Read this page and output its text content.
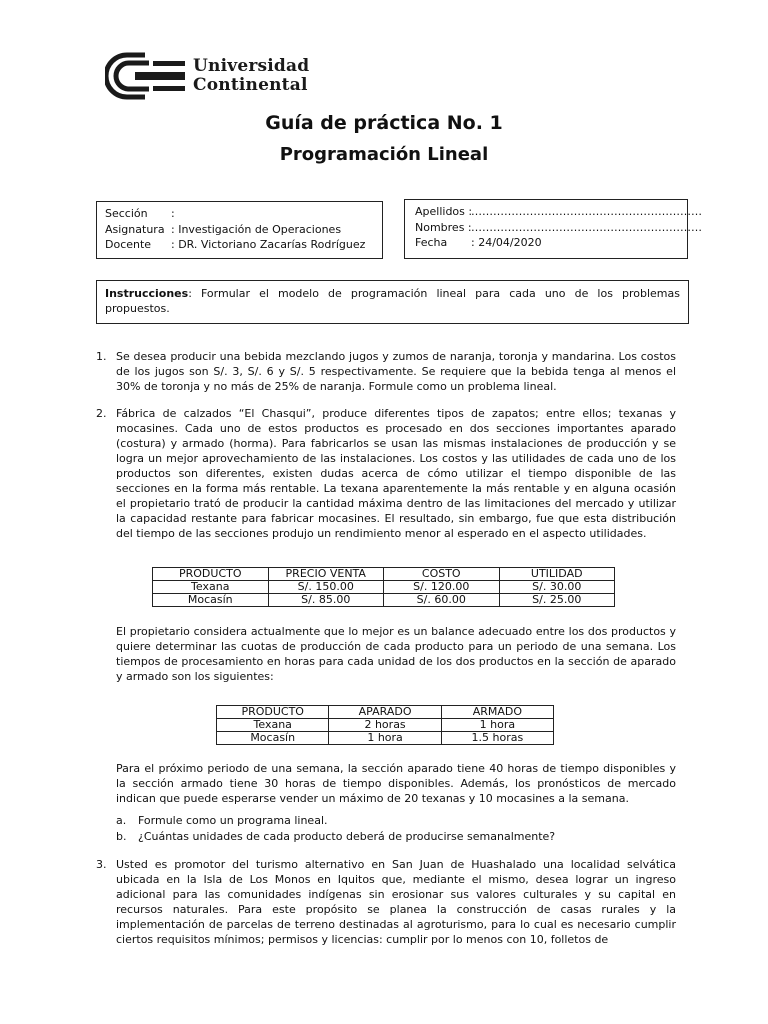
Universidad
Continental
Guía de práctica No. 1
Programación Lineal
Sección	:
Asignatura : Investigación de Operaciones
Docente	: DR. Victoriano Zacarías Rodríguez
Apellidos :
………………………………………………………
Nombres : ………………………………………………………
Fecha	: 24/04/2020
Instrucciones: Formular el modelo de programación lineal para cada uno de los problemas propuestos.
1. Se desea producir una bebida mezclando jugos y zumos de naranja, toronja y mandarina. Los costos de los jugos son S/. 3, S/. 6 y S/. 5 respectivamente. Se requiere que la bebida tenga al menos el 30% de toronja y no más de 25% de naranja. Formule como un problema lineal.
2. Fábrica de calzados “El Chasqui”, produce diferentes tipos de zapatos; entre ellos; texanas y mocasines. Cada uno de estos productos es procesado en dos secciones importantes aparado (costura) y armado (horma). Para fabricarlos se usan las mismas instalaciones de producción y se logra un mejor aprovechamiento de las instalaciones. Los costos y las utilidades de cada uno de los productos son diferentes, existen dudas acerca de cómo utilizar el tiempo disponible de las secciones en la forma más rentable. La texana aparentemente la más rentable y en alguna ocasión el propietario trató de producir la cantidad máxima dentro de las limitaciones del mercado y utilizar la capacidad restante para fabricar mocasines. El resultado, sin embargo, fue que esta distribución del tiempo de las secciones produjo un rendimiento menor al esperado en el aspecto utilidades.
PRODUCTO	PRECIO VENTA	COSTO	UTILIDAD
Texana	S/. 150.00	S/. 120.00	S/. 30.00
Mocasín	S/. 85.00	S/. 60.00	S/. 25.00
El propietario considera actualmente que lo mejor es un balance adecuado entre los dos productos y quiere determinar las cuotas de producción de cada producto para un periodo de una semana. Los tiempos de procesamiento en horas para cada unidad de los dos productos en la sección de aparado y armado son los siguientes:
PRODUCTO	APARADO	ARMADO
Texana	2 horas	1 hora
Mocasín	1 hora	1.5 horas
Para el próximo periodo de una semana, la sección aparado tiene 40 horas de tiempo disponibles y la sección armado tiene 30 horas de tiempo disponibles. Además, los pronósticos de mercado indican que puede esperarse vender un máximo de 20 texanas y 10 mocasines a la semana.
a. Formule como un programa lineal.
b. ¿Cuántas unidades de cada producto deberá de producirse semanalmente?
3. Usted es promotor del turismo alternativo en San Juan de Huashalado una localidad selvática ubicada en la Isla de Los Monos en Iquitos que, mediante el mismo, desea lograr un ingreso adicional para las comunidades indígenas sin erosionar sus valores culturales y su capital en recursos naturales. Para este propósito se planea la construcción de casas rurales y la implementación de parcelas de terreno destinadas al agroturismo, para lo cual es necesario cumplir ciertos requisitos mínimos; permisos y licencias: cumplir por lo menos con 10, folletos de
